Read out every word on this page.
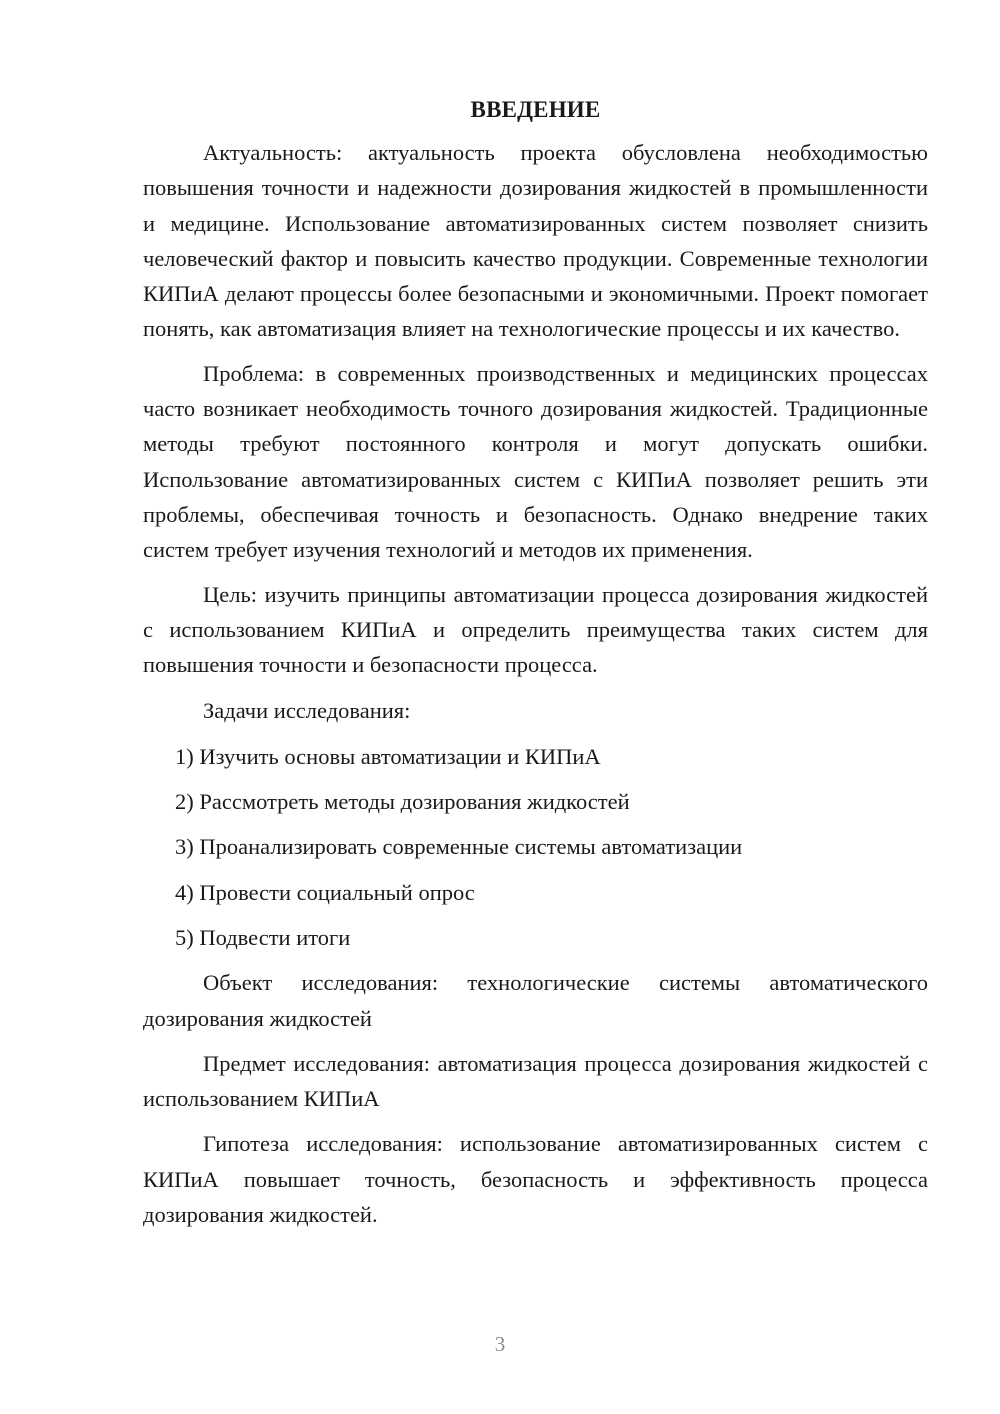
ВВЕДЕНИЕ

Актуальность: актуальность проекта обусловлена необходимостью повышения точности и надежности дозирования жидкостей в промышленности и медицине. Использование автоматизированных систем позволяет снизить человеческий фактор и повысить качество продукции. Современные технологии КИПиА делают процессы более безопасными и экономичными. Проект помогает понять, как автоматизация влияет на технологические процессы и их качество.

Проблема: в современных производственных и медицинских процессах часто возникает необходимость точного дозирования жидкостей. Традиционные методы требуют постоянного контроля и могут допускать ошибки. Использование автоматизированных систем с КИПиА позволяет решить эти проблемы, обеспечивая точность и безопасность. Однако внедрение таких систем требует изучения технологий и методов их применения.

Цель: изучить принципы автоматизации процесса дозирования жидкостей с использованием КИПиА и определить преимущества таких систем для повышения точности и безопасности процесса.

Задачи исследования:

1) Изучить основы автоматизации и КИПиА
2) Рассмотреть методы дозирования жидкостей
3) Проанализировать современные системы автоматизации
4) Провести социальный опрос
5) Подвести итоги

Объект исследования: технологические системы автоматического дозирования жидкостей

Предмет исследования: автоматизация процесса дозирования жидкостей с использованием КИПиА

Гипотеза исследования: использование автоматизированных систем с КИПиА повышает точность, безопасность и эффективность процесса дозирования жидкостей.

3
